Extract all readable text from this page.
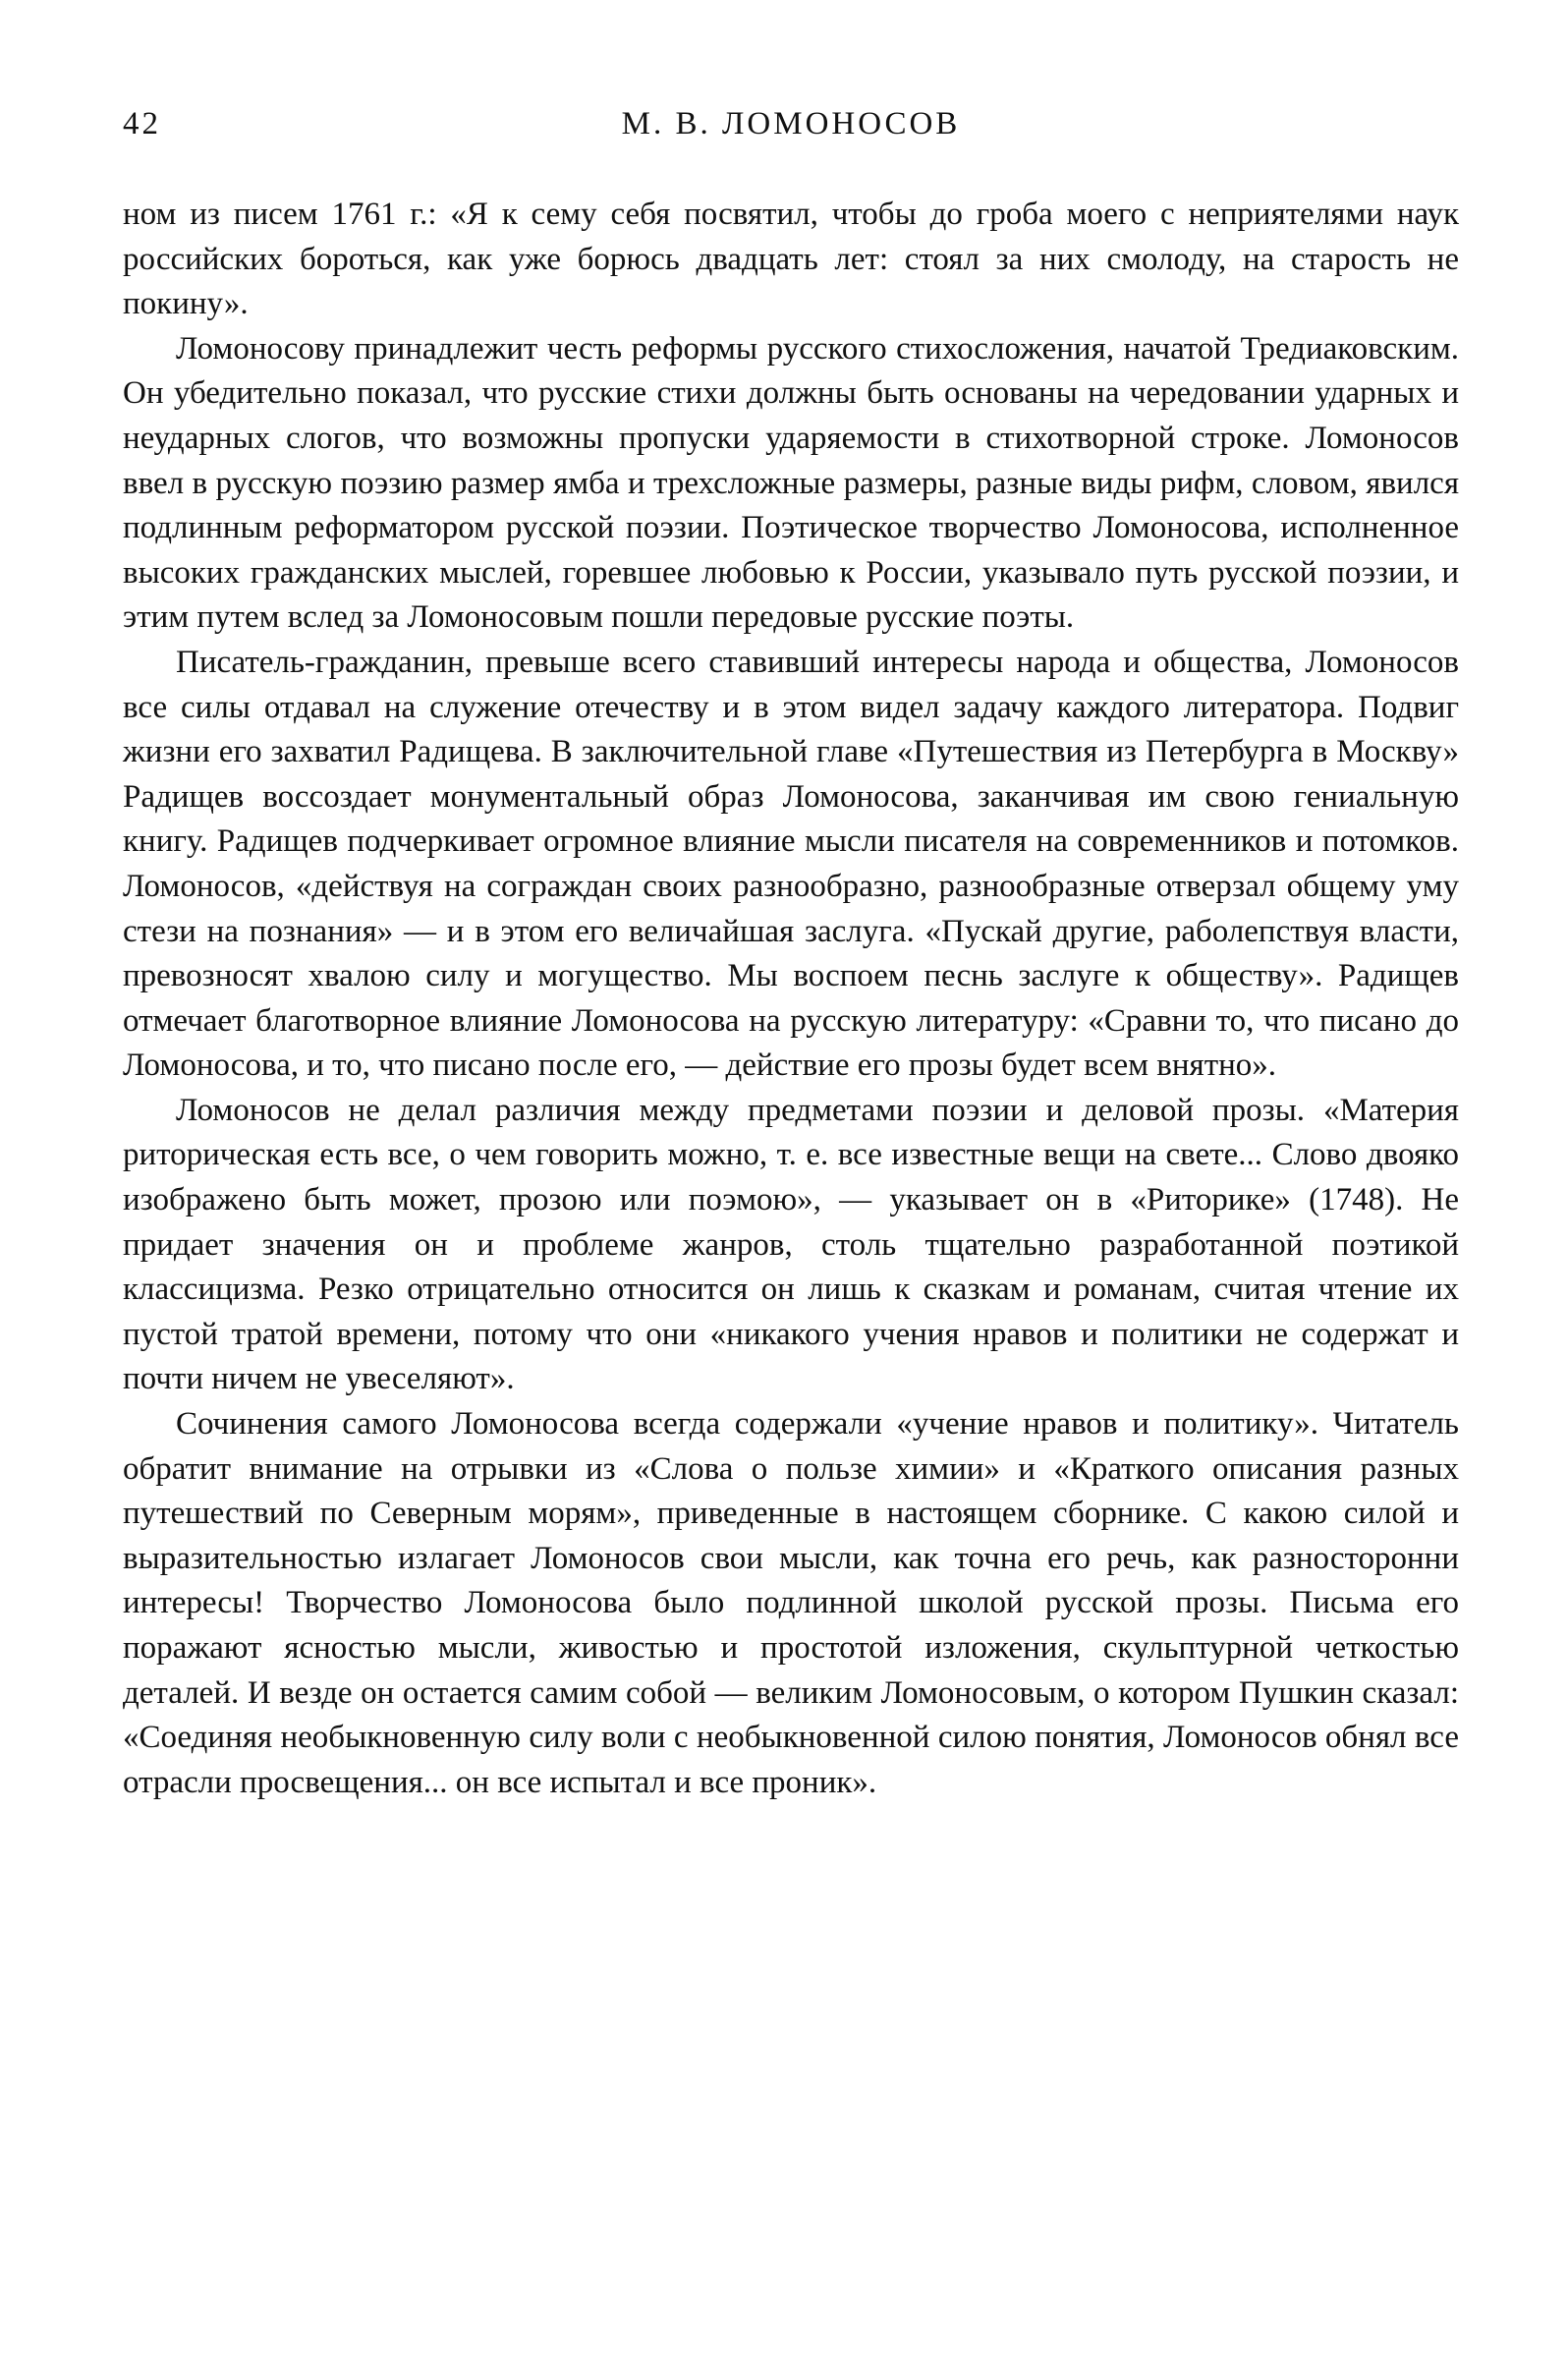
42	М. В. ЛОМОНОСОВ

ном из писем 1761 г.: «Я к сему себя посвятил, чтобы до гроба моего с неприятелями наук российских бороться, как уже борюсь двадцать лет: стоял за них смолоду, на старость не покину».

Ломоносову принадлежит честь реформы русского стихосложения, начатой Тредиаковским. Он убедительно показал, что русские стихи должны быть основаны на чередовании ударных и неударных слогов, что возможны пропуски ударяемости в стихотворной строке. Ломоносов ввел в русскую поэзию размер ямба и трехсложные размеры, разные виды рифм, словом, явился подлинным реформатором русской поэзии. Поэтическое творчество Ломоносова, исполненное высоких гражданских мыслей, горевшее любовью к России, указывало путь русской поэзии, и этим путем вслед за Ломоносовым пошли передовые русские поэты.

Писатель-гражданин, превыше всего ставивший интересы народа и общества, Ломоносов все силы отдавал на служение отечеству и в этом видел задачу каждого литератора. Подвиг жизни его захватил Радищева. В заключительной главе «Путешествия из Петербурга в Москву» Радищев воссоздает монументальный образ Ломоносова, заканчивая им свою гениальную книгу. Радищев подчеркивает огромное влияние мысли писателя на современников и потомков. Ломоносов, «действуя на сограждан своих разнообразно, разнообразные отверзал общему уму стези на познания» — и в этом его величайшая заслуга. «Пускай другие, раболепствуя власти, превозносят хвалою силу и могущество. Мы воспоем песнь заслуге к обществу». Радищев отмечает благотворное влияние Ломоносова на русскую литературу: «Сравни то, что писано до Ломоносова, и то, что писано после его, — действие его прозы будет всем внятно».

Ломоносов не делал различия между предметами поэзии и деловой прозы. «Материя риторическая есть все, о чем говорить можно, т. е. все известные вещи на свете... Слово двояко изображено быть может, прозою или поэмою», — указывает он в «Риторике» (1748). Не придает значения он и проблеме жанров, столь тщательно разработанной поэтикой классицизма. Резко отрицательно относится он лишь к сказкам и романам, считая чтение их пустой тратой времени, потому что они «никакого учения нравов и политики не содержат и почти ничем не увеселяют».

Сочинения самого Ломоносова всегда содержали «учение нравов и политику». Читатель обратит внимание на отрывки из «Слова о пользе химии» и «Краткого описания разных путешествий по Северным морям», приведенные в настоящем сборнике. С какою силой и выразительностью излагает Ломоносов свои мысли, как точна его речь, как разносторонни интересы! Творчество Ломоносова было подлинной школой русской прозы. Письма его поражают ясностью мысли, живостью и простотой изложения, скульптурной четкостью деталей. И везде он остается самим собой — великим Ломоносовым, о котором Пушкин сказал: «Соединяя необыкновенную силу воли с необыкновенной силою понятия, Ломоносов обнял все отрасли просвещения... он все испытал и все проник».
